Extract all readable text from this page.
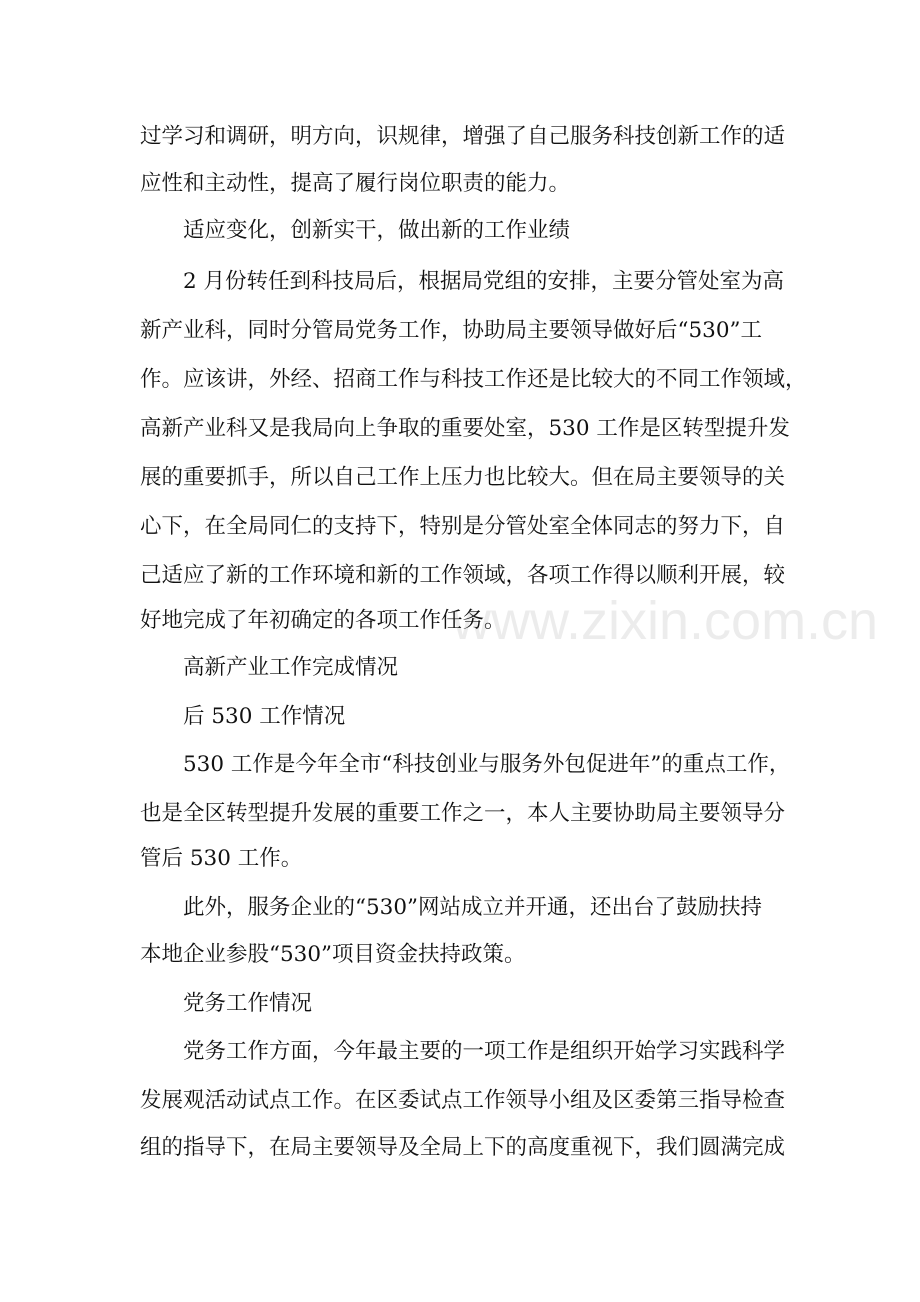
过学习和调研，明方向，识规律，增强了自己服务科技创新工作的适
应性和主动性，提高了履行岗位职责的能力。
适应变化，创新实干，做出新的工作业绩
2 月份转任到科技局后，根据局党组的安排，主要分管处室为高
新产业科，同时分管局党务工作，协助局主要领导做好后“530”工
作。应该讲，外经、招商工作与科技工作还是比较大的不同工作领域，
高新产业科又是我局向上争取的重要处室，530 工作是区转型提升发
展的重要抓手，所以自己工作上压力也比较大。但在局主要领导的关
心下，在全局同仁的支持下，特别是分管处室全体同志的努力下，自
己适应了新的工作环境和新的工作领域，各项工作得以顺利开展，较
好地完成了年初确定的各项工作任务。
高新产业工作完成情况
后 530 工作情况
530 工作是今年全市“科技创业与服务外包促进年”的重点工作，
也是全区转型提升发展的重要工作之一，本人主要协助局主要领导分
管后 530 工作。
此外，服务企业的“530”网站成立并开通，还出台了鼓励扶持
本地企业参股“530”项目资金扶持政策。
党务工作情况
党务工作方面，今年最主要的一项工作是组织开始学习实践科学
发展观活动试点工作。在区委试点工作领导小组及区委第三指导检查
组的指导下，在局主要领导及全局上下的高度重视下，我们圆满完成
www.zixin.com.cn
